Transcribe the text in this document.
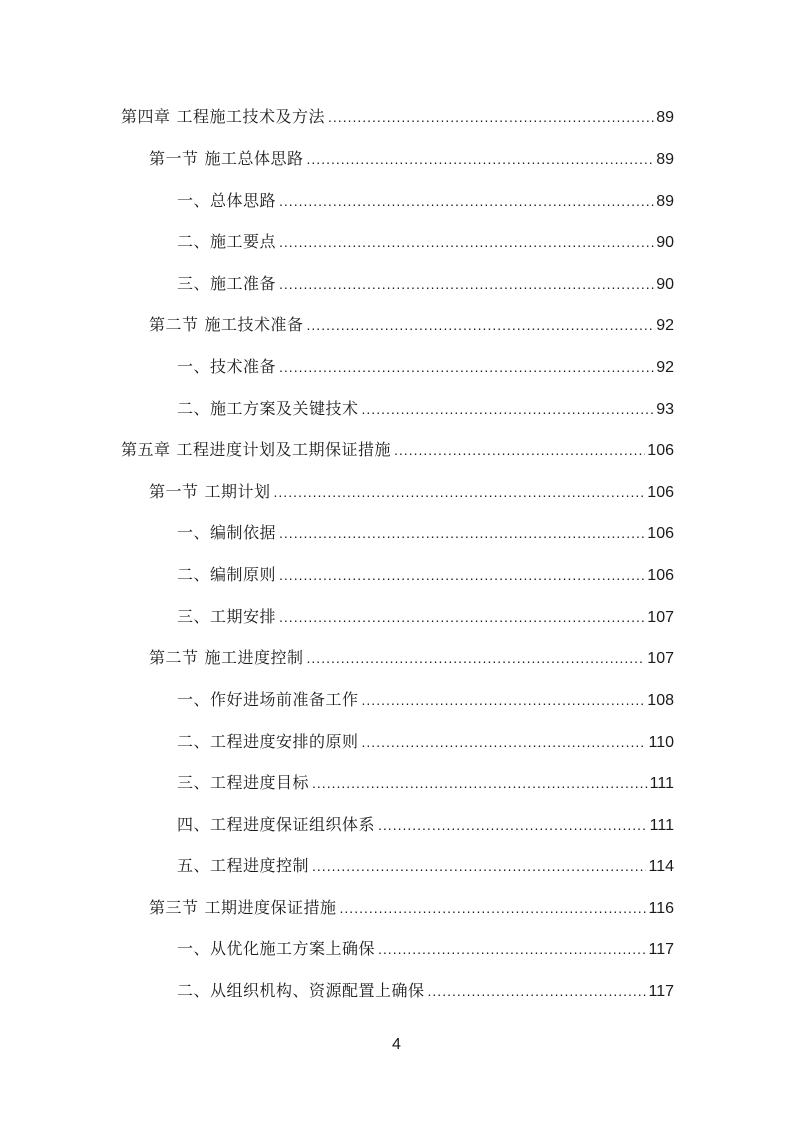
第四章 工程施工技术及方法 .....	89
第一节 施工总体思路 .....	89
一、总体思路 .....	89
二、施工要点 .....	90
三、施工准备 .....	90
第二节 施工技术准备 .....	92
一、技术准备 .....	92
二、施工方案及关键技术 .....	93
第五章 工程进度计划及工期保证措施 .....	106
第一节 工期计划 .....	106
一、编制依据 .....	106
二、编制原则 .....	106
三、工期安排 .....	107
第二节 施工进度控制 .....	107
一、作好进场前准备工作 .....	108
二、工程进度安排的原则 .....	110
三、工程进度目标 .....	111
四、工程进度保证组织体系 .....	111
五、工程进度控制 .....	114
第三节 工期进度保证措施 .....	116
一、从优化施工方案上确保 .....	117
二、从组织机构、资源配置上确保 .....	117
4
